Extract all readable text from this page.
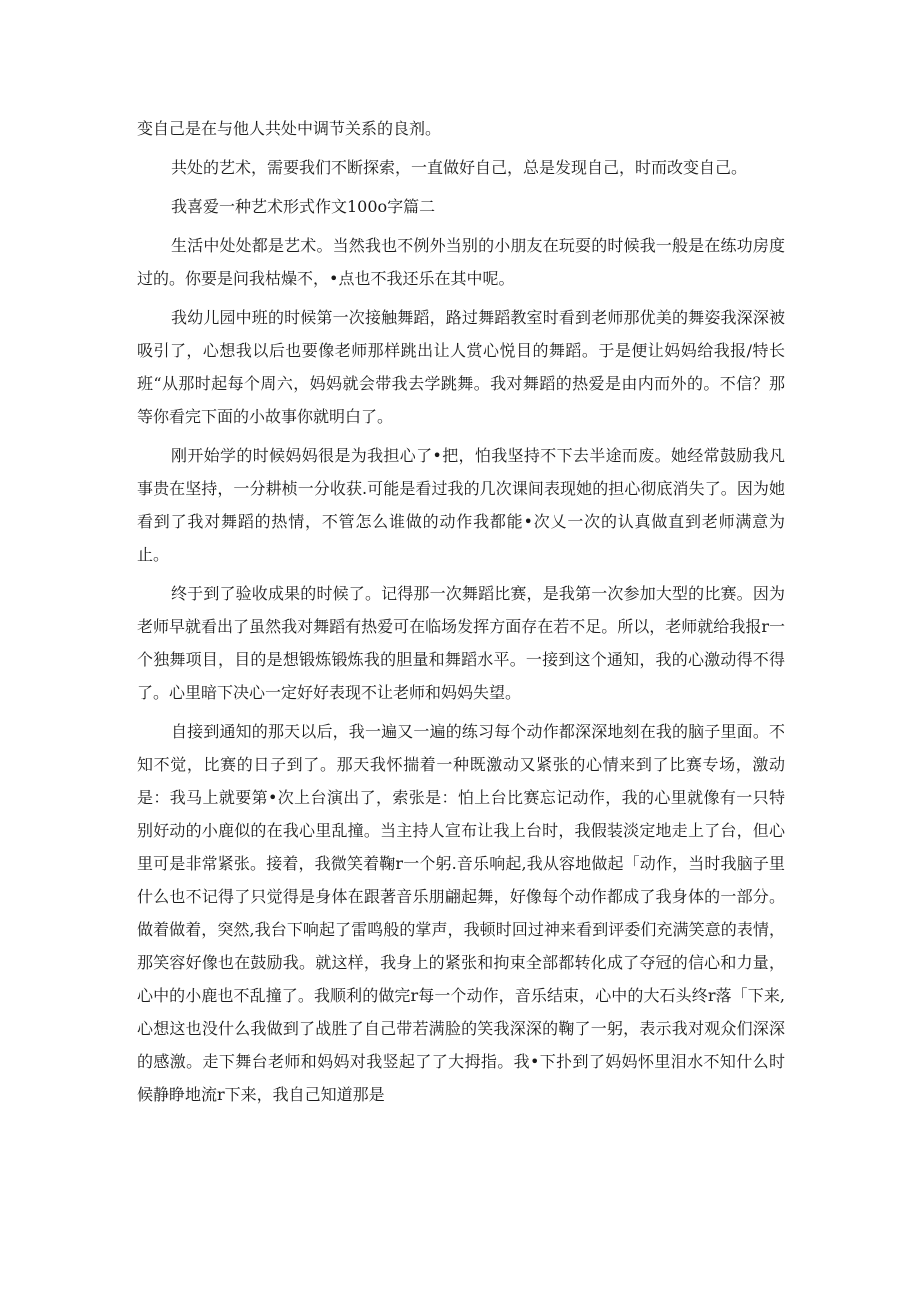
变自己是在与他人共处中调节关系的良剂。

共处的艺术，需要我们不断探索，一直做好自己，总是发现自己，时而改变自己。

我喜爱一种艺术形式作文100o字篇二

生活中处处都是艺术。当然我也不例外当别的小朋友在玩耍的时候我一般是在练功房度过的。你要是问我枯燥不，•点也不我还乐在其中呢。

我幼儿园中班的时候第一次接触舞蹈，路过舞蹈教室时看到老师那优美的舞姿我深深被吸引了，心想我以后也要像老师那样跳出让人赏心悦目的舞蹈。于是便让妈妈给我报/特长班“从那时起每个周六，妈妈就会带我去学跳舞。我对舞蹈的热爱是由内而外的。不信？那等你看完下面的小故事你就明白了。

刚开始学的时候妈妈很是为我担心了•把，怕我坚持不下去半途而废。她经常鼓励我凡事贵在坚持，一分耕桢一分收获.可能是看过我的几次课间表现她的担心彻底消失了。因为她看到了我对舞蹈的热情，不管怎么谁做的动作我都能•次乂一次的认真做直到老师满意为止。

终于到了验收成果的时候了。记得那一次舞蹈比赛，是我第一次参加大型的比赛。因为老师早就看出了虽然我对舞蹈有热爱可在临场发挥方面存在若不足。所以，老师就给我报r一个独舞项目，目的是想锻炼锻炼我的胆量和舞蹈水平。一接到这个通知，我的心激动得不得了。心里暗下决心一定好好表现不让老师和妈妈失望。

自接到通知的那天以后，我一遍又一遍的练习每个动作都深深地刻在我的脑子里面。不知不觉，比赛的日子到了。那天我怀揣着一种既激动又紧张的心情来到了比赛专场，激动是：我马上就要第•次上台演出了，索张是：怕上台比赛忘记动作，我的心里就像有一只特别好动的小鹿似的在我心里乱撞。当主持人宣布让我上台时，我假装淡定地走上了台，但心里可是非常紧张。接着，我微笑着鞠r一个躬.音乐响起,我从容地做起「动作，当时我脑子里什么也不记得了只觉得是身体在跟著音乐朋翩起舞，好像每个动作都成了我身体的一部分。做着做着，突然,我台下响起了雷鸣般的掌声，我顿时回过神来看到评委们充满笑意的表情，那笑容好像也在鼓励我。就这样，我身上的紧张和拘束全部都转化成了夺冠的信心和力量，心中的小鹿也不乱撞了。我顺利的做完r每一个动作，音乐结束，心中的大石头终r落「下来,心想这也没什么我做到了战胜了自己带若满脸的笑我深深的鞠了一躬，表示我对观众们深深的感激。走下舞台老师和妈妈对我竖起了了大拇指。我•下扑到了妈妈怀里泪水不知什么时候静睁地流r下来，我自己知道那是
